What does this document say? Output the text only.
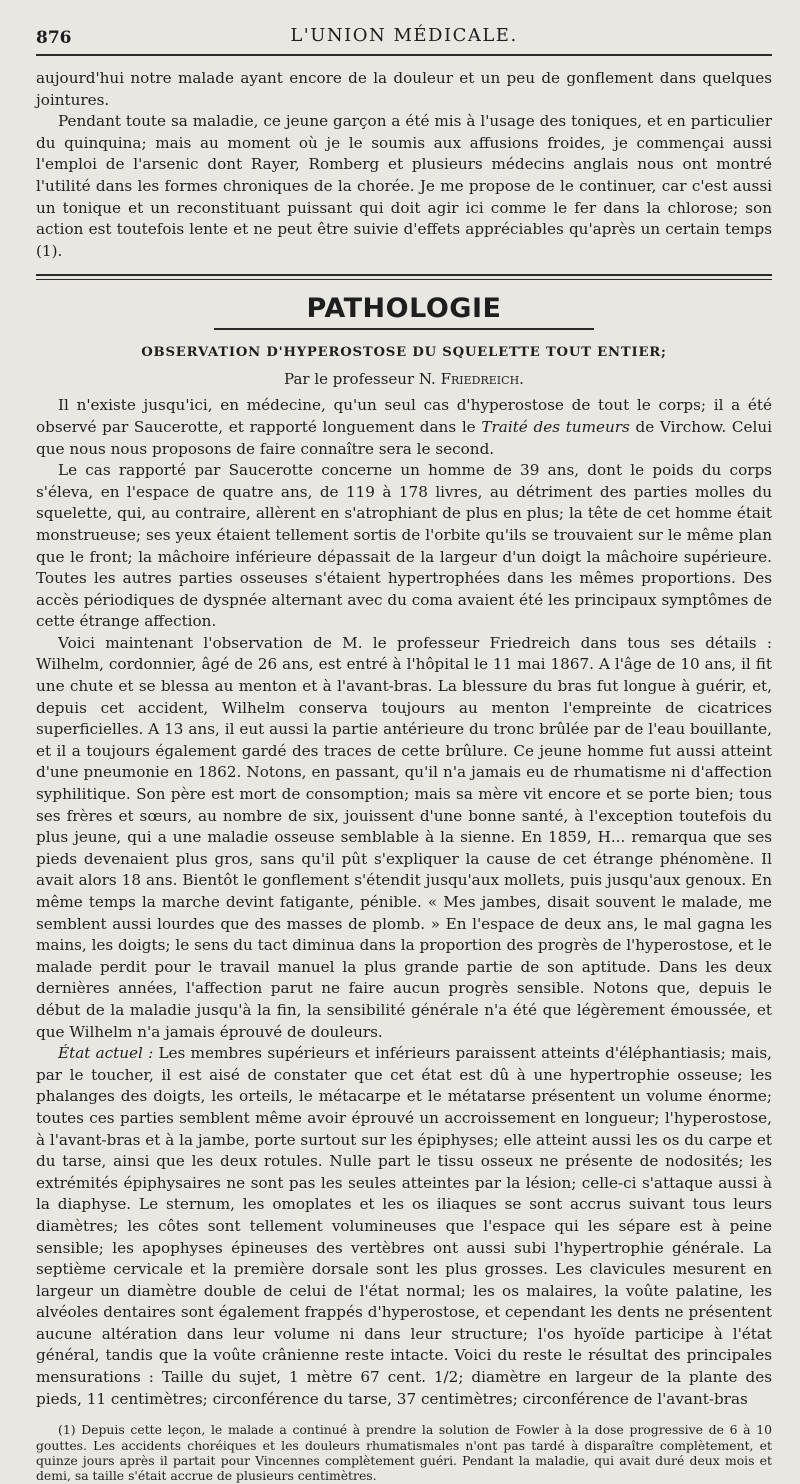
876	L'UNION MÉDICALE.

aujourd'hui notre malade ayant encore de la douleur et un peu de gonflement dans quelques jointures.

Pendant toute sa maladie, ce jeune garçon a été mis à l'usage des toniques, et en particulier du quinquina; mais au moment où je le soumis aux affusions froides, je commençai aussi l'emploi de l'arsenic dont Rayer, Romberg et plusieurs médecins anglais nous ont montré l'utilité dans les formes chroniques de la chorée. Je me propose de le continuer, car c'est aussi un tonique et un reconstituant puissant qui doit agir ici comme le fer dans la chlorose; son action est toutefois lente et ne peut être suivie d'effets appréciables qu'après un certain temps (1).

PATHOLOGIE
OBSERVATION D'HYPEROSTOSE DU SQUELETTE TOUT ENTIER;
Par le professeur N. Friedreich.

Il n'existe jusqu'ici, en médecine, qu'un seul cas d'hyperostose de tout le corps; il a été observé par Saucerotte, et rapporté longuement dans le Traité des tumeurs de Virchow. Celui que nous nous proposons de faire connaître sera le second.

Le cas rapporté par Saucerotte concerne un homme de 39 ans, dont le poids du corps s'éleva, en l'espace de quatre ans, de 119 à 178 livres, au détriment des parties molles du squelette, qui, au contraire, allèrent en s'atrophiant de plus en plus; la tête de cet homme était monstrueuse; ses yeux étaient tellement sortis de l'orbite qu'ils se trouvaient sur le même plan que le front; la mâchoire inférieure dépassait de la largeur d'un doigt la mâchoire supérieure. Toutes les autres parties osseuses s'étaient hypertrophées dans les mêmes proportions. Des accès périodiques de dyspnée alternant avec du coma avaient été les principaux symptômes de cette étrange affection.

Voici maintenant l'observation de M. le professeur Friedreich dans tous ses détails : Wilhelm, cordonnier, âgé de 26 ans, est entré à l'hôpital le 11 mai 1867. A l'âge de 10 ans, il fit une chute et se blessa au menton et à l'avant-bras. La blessure du bras fut longue à guérir, et, depuis cet accident, Wilhelm conserva toujours au menton l'empreinte de cicatrices superficielles. A 13 ans, il eut aussi la partie antérieure du tronc brûlée par de l'eau bouillante, et il a toujours également gardé des traces de cette brûlure. Ce jeune homme fut aussi atteint d'une pneumonie en 1862. Notons, en passant, qu'il n'a jamais eu de rhumatisme ni d'affection syphilitique. Son père est mort de consomption; mais sa mère vit encore et se porte bien; tous ses frères et sœurs, au nombre de six, jouissent d'une bonne santé, à l'exception toutefois du plus jeune, qui a une maladie osseuse semblable à la sienne. En 1859, H... remarqua que ses pieds devenaient plus gros, sans qu'il pût s'expliquer la cause de cet étrange phénomène. Il avait alors 18 ans. Bientôt le gonflement s'étendit jusqu'aux mollets, puis jusqu'aux genoux. En même temps la marche devint fatigante, pénible. « Mes jambes, disait souvent le malade, me semblent aussi lourdes que des masses de plomb. » En l'espace de deux ans, le mal gagna les mains, les doigts; le sens du tact diminua dans la proportion des progrès de l'hyperostose, et le malade perdit pour le travail manuel la plus grande partie de son aptitude. Dans les deux dernières années, l'affection parut ne faire aucun progrès sensible. Notons que, depuis le début de la maladie jusqu'à la fin, la sensibilité générale n'a été que légèrement émoussée, et que Wilhelm n'a jamais éprouvé de douleurs.

État actuel : Les membres supérieurs et inférieurs paraissent atteints d'éléphantiasis; mais, par le toucher, il est aisé de constater que cet état est dû à une hypertrophie osseuse; les phalanges des doigts, les orteils, le métacarpe et le métatarse présentent un volume énorme; toutes ces parties semblent même avoir éprouvé un accroissement en longueur; l'hyperostose, à l'avant-bras et à la jambe, porte surtout sur les épiphyses; elle atteint aussi les os du carpe et du tarse, ainsi que les deux rotules. Nulle part le tissu osseux ne présente de nodosités; les extrémités épiphysaires ne sont pas les seules atteintes par la lésion; celle-ci s'attaque aussi à la diaphyse. Le sternum, les omoplates et les os iliaques se sont accrus suivant tous leurs diamètres; les côtes sont tellement volumineuses que l'espace qui les sépare est à peine sensible; les apophyses épineuses des vertèbres ont aussi subi l'hypertrophie générale. La septième cervicale et la première dorsale sont les plus grosses. Les clavicules mesurent en largeur un diamètre double de celui de l'état normal; les os malaires, la voûte palatine, les alvéoles dentaires sont également frappés d'hyperostose, et cependant les dents ne présentent aucune altération dans leur volume ni dans leur structure; l'os hyoïde participe à l'état général, tandis que la voûte crânienne reste intacte. Voici du reste le résultat des principales mensurations : Taille du sujet, 1 mètre 67 cent. 1/2; diamètre en largeur de la plante des pieds, 11 centimètres; circonférence du tarse, 37 centimètres; circonférence de l'avant-bras

(1) Depuis cette leçon, le malade a continué à prendre la solution de Fowler à la dose progressive de 6 à 10 gouttes. Les accidents choréiques et les douleurs rhumatismales n'ont pas tardé à disparaître complètement, et quinze jours après il partait pour Vincennes complètement guéri. Pendant la maladie, qui avait duré deux mois et demi, sa taille s'était accrue de plusieurs centimètres.
